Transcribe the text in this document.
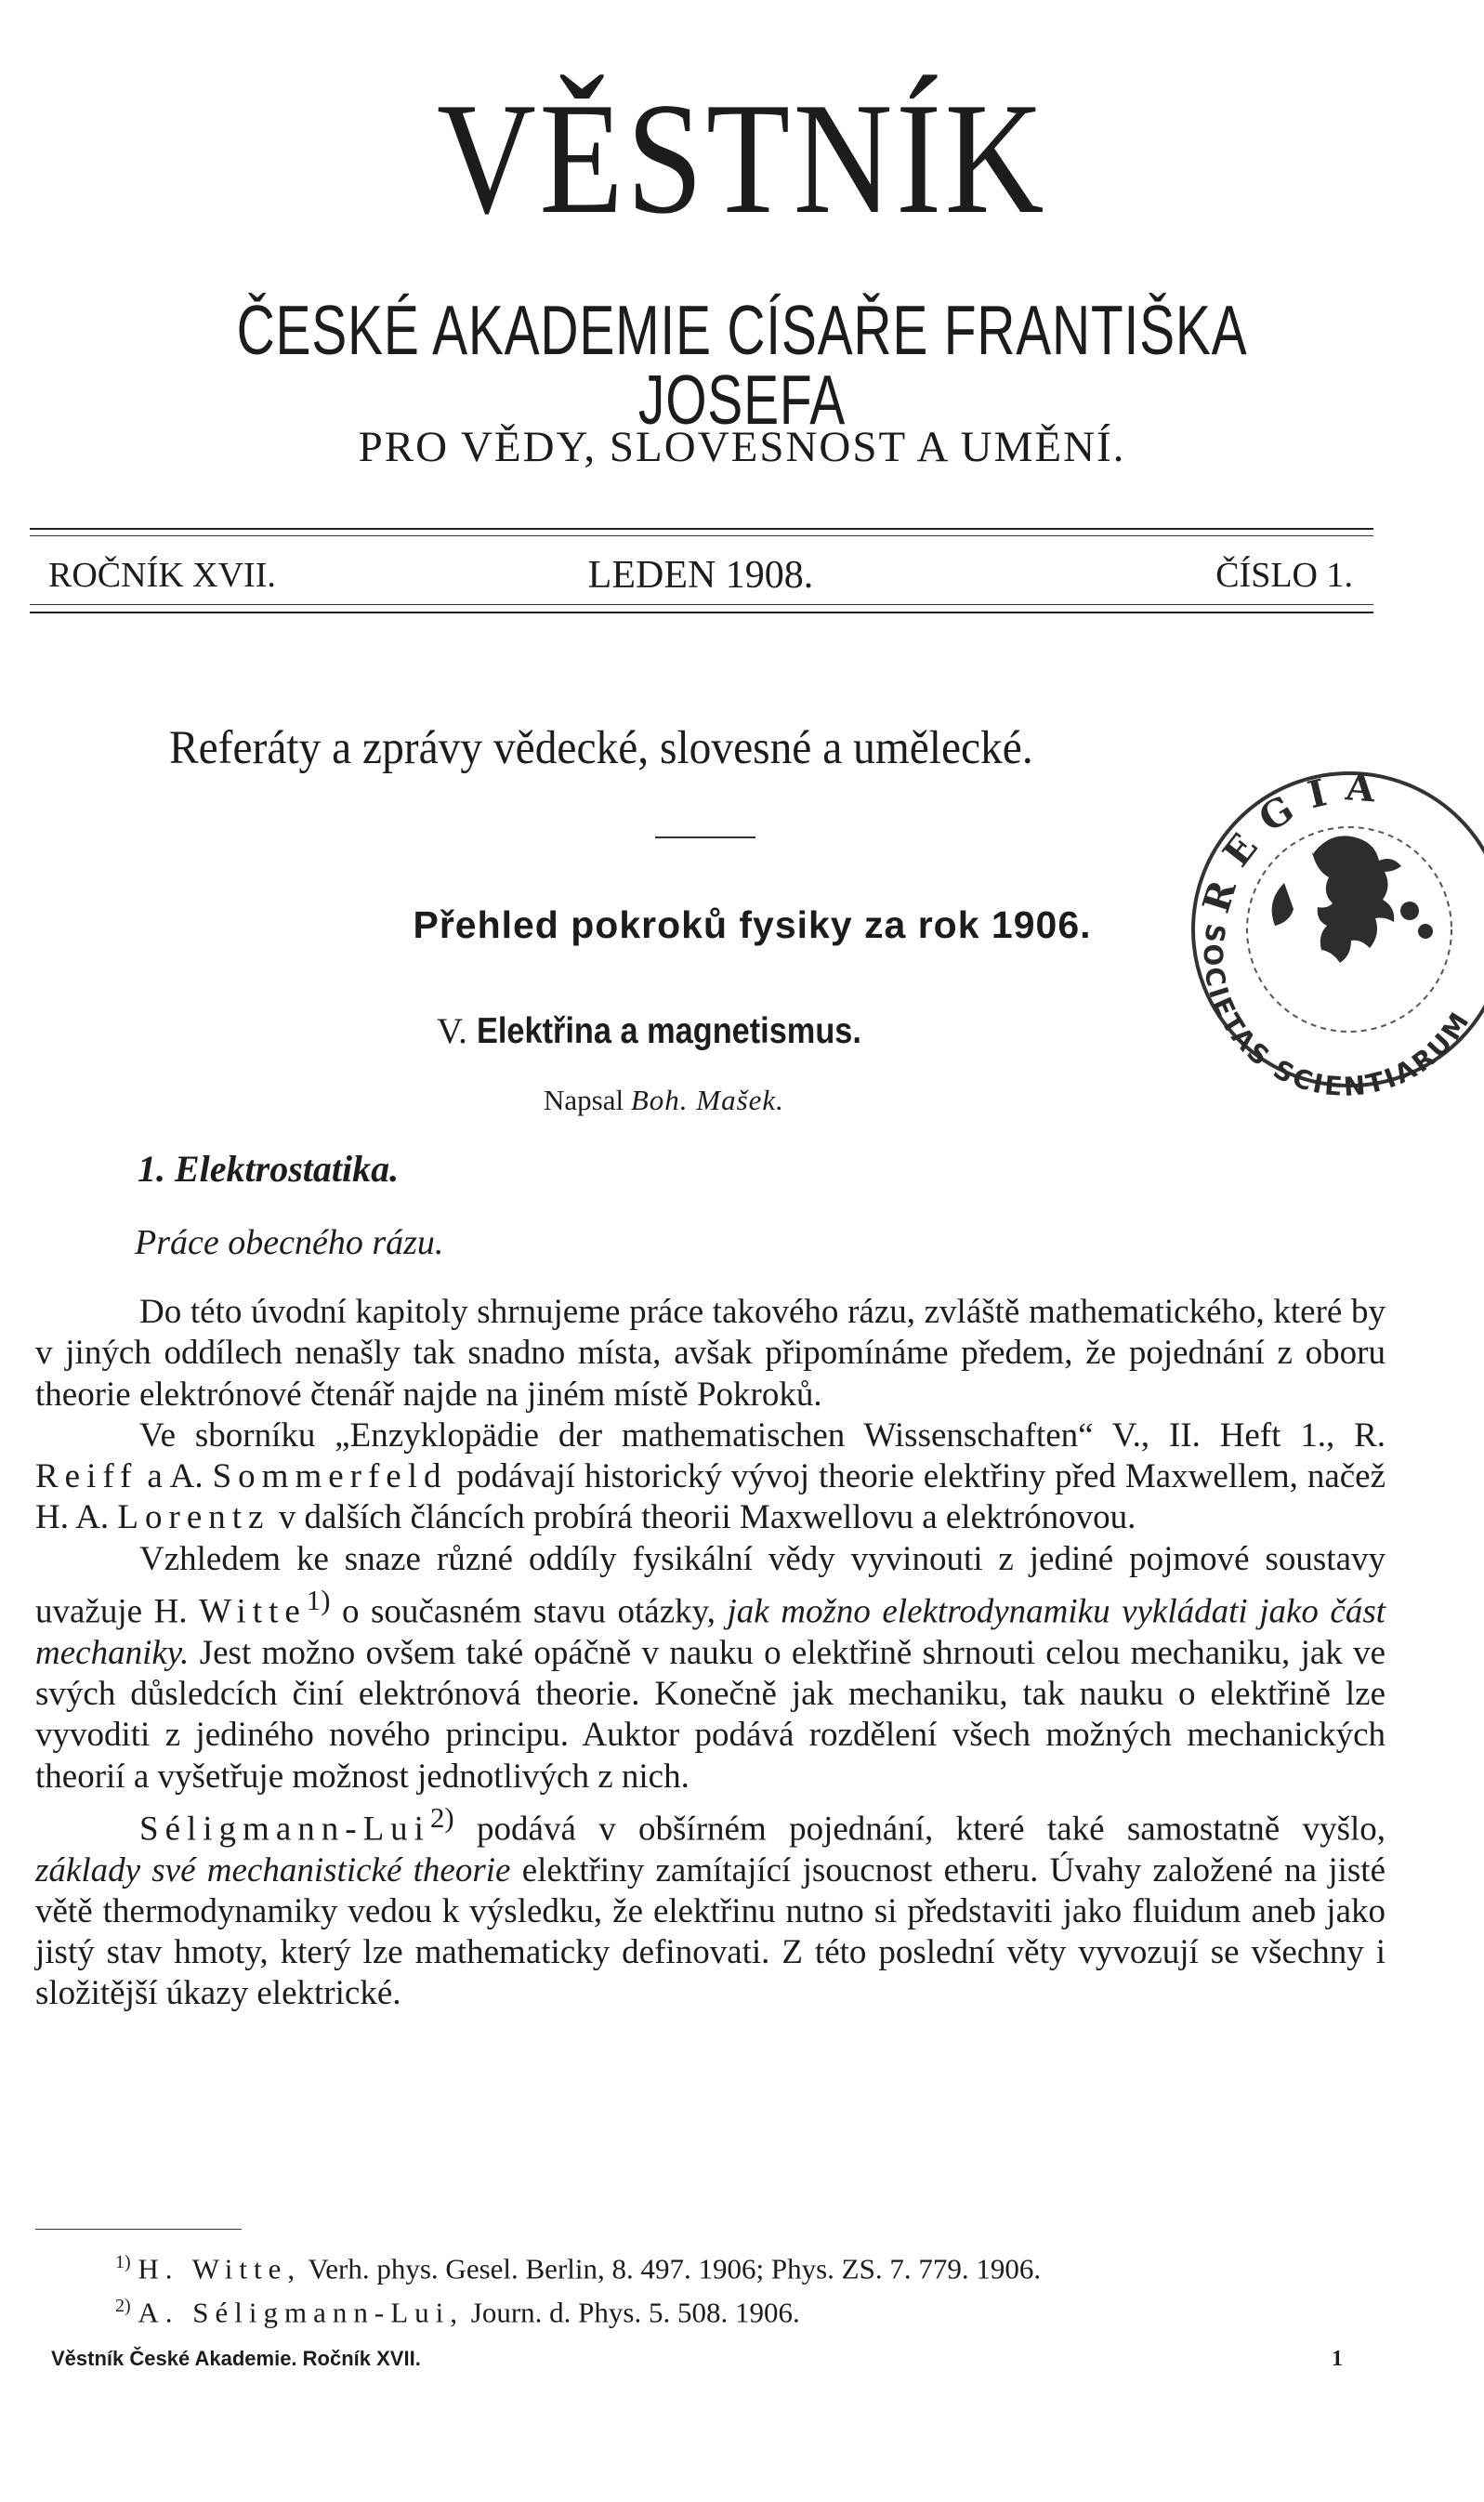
VĚSTNÍK
ČESKÉ AKADEMIE CÍSAŘE FRANTIŠKA JOSEFA
PRO VĚDY, SLOVESNOST A UMĚNÍ.
ROČNÍK XVII.	LEDEN 1908.	ČÍSLO 1.
Referáty a zprávy vědecké, slovesné a umělecké.
Přehled pokroků fysiky za rok 1906.
V. Elektřina a magnetismus.
Napsal Boh. Mašek.
1. Elektrostatika.
Práce obecného rázu.

Do této úvodní kapitoly shrnujeme práce takového rázu, zvláště mathematického, které by v jiných oddílech nenašly tak snadno místa, avšak připomínáme předem, že pojednání z oboru theorie elektrónové čtenář najde na jiném místě Pokroků.

Ve sborníku „Enzyklopädie der mathematischen Wissenschaften“ V., II. Heft 1., R. Reiff a A. Sommerfeld podávají historický vývoj theorie elektřiny před Maxwellem, načež H. A. Lorentz v dalších článcích probírá theorii Maxwellovu a elektrónovou.

Vzhledem ke snaze různé oddíly fysikální vědy vyvinouti z jediné pojmové soustavy uvažuje H. Witte$^{1)}$ o současném stavu otázky, jak možno elektrodynamiku vykládati jako část mechaniky. Jest možno ovšem také opáčně v nauku o elektřině shrnouti celou mechaniku, jak ve svých důsledcích činí elektrónová theorie. Konečně jak mechaniku, tak nauku o elektřině lze vyvoditi z jediného nového principu. Auktor podává rozdělení všech možných mechanických theorií a vyšetřuje možnost jednotlivých z nich.

Séligmann-Lui$^{2)}$ podává v obšírném pojednání, které také samostatně vyšlo, základy své mechanistické theorie elektřiny zamítající jsoucnost etheru. Úvahy založené na jisté větě thermodynamiky vedou k výsledku, že elektřinu nutno si představiti jako fluidum aneb jako jistý stav hmoty, který lze mathematicky definovati. Z této poslední věty vyvozují se všechny i složitější úkazy elektrické.

$^{1)}$ H. Witte, Verh. phys. Gesel. Berlin, 8. 497. 1906; Phys. ZS. 7. 779. 1906.
$^{2)}$ A. Séligmann-Lui, Journ. d. Phys. 5. 508. 1906.
Věstník České Akademie. Ročník XVII.	1
REGIA
SOCIETAS SCIENTIARUM
